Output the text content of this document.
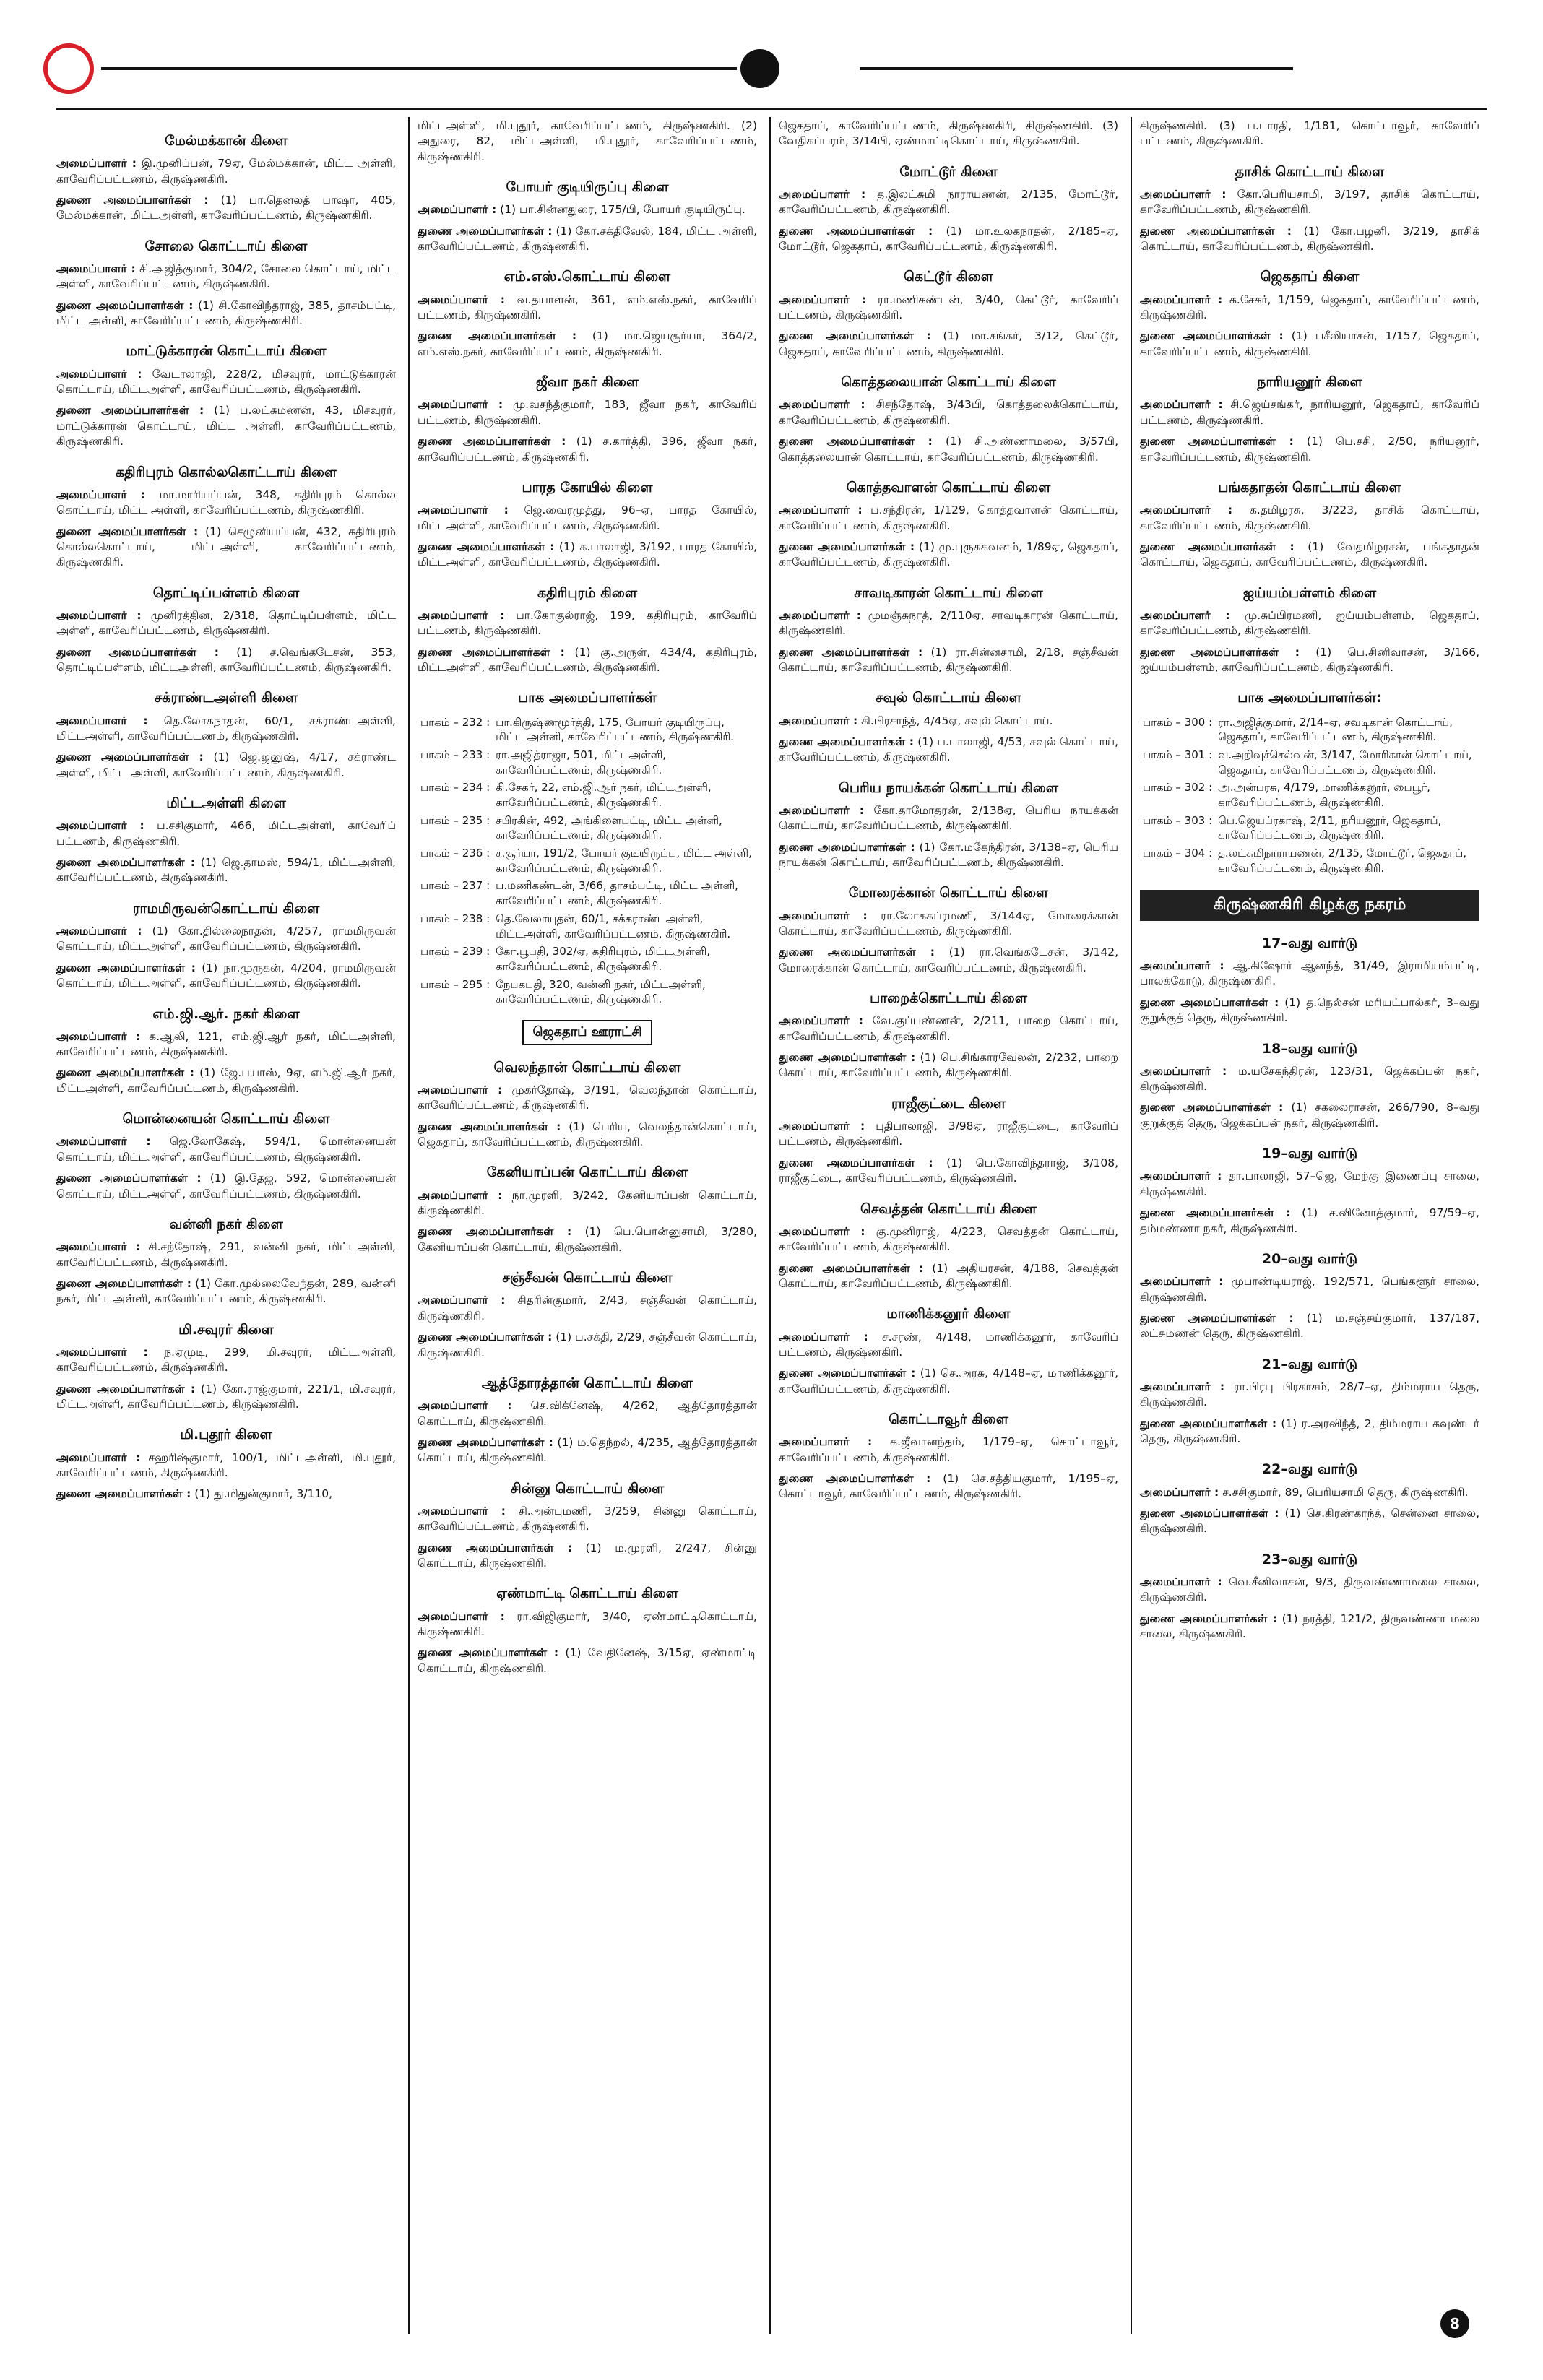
மேல்மக்கான் கிளை

அமைப்பாளர் : இ.முனிப்பன், 79ஏ, மேல்மக்கான், மிட்ட அள்ளி, காவேரிப்பட்டணம், கிருஷ்ணகிரி.

துணை அமைப்பாளர்கள் : (1) பா.தெனலத் பாஷா, 405, மேல்மக்கான், மிட்டஅள்ளி, காவேரிப்பட்டணம், கிருஷ்ணகிரி.

சோலை கொட்டாய் கிளை

அமைப்பாளர் : சி.அஜித்குமார், 304/2, சோலை கொட்டாய், மிட்ட அள்ளி, காவேரிப்பட்டணம், கிருஷ்ணகிரி.

துணை அமைப்பாளர்கள் : (1) சி.கோவிந்தராஜ், 385, தாசம்பட்டி, மிட்ட அள்ளி, காவேரிப்பட்டணம், கிருஷ்ணகிரி.

மாட்டுக்காரன் கொட்டாய் கிளை

அமைப்பாளர் : வேடாலாஜி, 228/2, மிசவுரர், மாட்டுக்காரன் கொட்டாய், மிட்டஅள்ளி, காவேரிப்பட்டணம், கிருஷ்ணகிரி.

துணை அமைப்பாளர்கள் : (1) ப.லட்சுமணன், 43, மிசவுரர், மாட்டுக்காரன் கொட்டாய், மிட்ட அள்ளி, காவேரிப்பட்டணம், கிருஷ்ணகிரி.

கதிரிபுரம் கொல்லகொட்டாய் கிளை

அமைப்பாளர் : மா.மாரியப்பன், 348, கதிரிபுரம் கொல்ல கொட்டாய், மிட்ட அள்ளி, காவேரிப்பட்டணம், கிருஷ்ணகிரி.

துணை அமைப்பாளர்கள் : (1) செழுனியப்பன், 432, கதிரிபுரம் கொல்லகொட்டாய், மிட்டஅள்ளி, காவேரிப்பட்டணம், கிருஷ்ணகிரி.

தொட்டிப்பள்ளம் கிளை

அமைப்பாளர் : முனிரத்தின, 2/318, தொட்டிப்பள்ளம், மிட்ட அள்ளி, காவேரிப்பட்டணம், கிருஷ்ணகிரி.

துணை அமைப்பாளர்கள் : (1) ச.வெங்கடேசன், 353, தொட்டிப்பள்ளம், மிட்டஅள்ளி, காவேரிப்பட்டணம், கிருஷ்ணகிரி.

சக்ராண்டஅள்ளி கிளை

அமைப்பாளர் : தெ.லோகநாதன், 60/1, சக்ராண்டஅள்ளி, மிட்டஅள்ளி, காவேரிப்பட்டணம், கிருஷ்ணகிரி.

துணை அமைப்பாளர்கள் : (1) ஜெ.ஜனுஷ், 4/17, சக்ராண்ட அள்ளி, மிட்ட அள்ளி, காவேரிப்பட்டணம், கிருஷ்ணகிரி.

மிட்டஅள்ளி கிளை

அமைப்பாளர் : ப.சசிகுமார், 466, மிட்டஅள்ளி, காவேரிப் பட்டணம், கிருஷ்ணகிரி.

துணை அமைப்பாளர்கள் : (1) ஜெ.தாமஸ், 594/1, மிட்டஅள்ளி, காவேரிப்பட்டணம், கிருஷ்ணகிரி.

ராமமிருவன்கொட்டாய் கிளை

அமைப்பாளர் : (1) கோ.தில்லைநாதன், 4/257, ராமமிருவன் கொட்டாய், மிட்டஅள்ளி, காவேரிப்பட்டணம், கிருஷ்ணகிரி.

துணை அமைப்பாளர்கள் : (1) நா.முருகன், 4/204, ராமமிருவன் கொட்டாய், மிட்டஅள்ளி, காவேரிப்பட்டணம், கிருஷ்ணகிரி.

எம்.ஜி.ஆர். நகர் கிளை

அமைப்பாளர் : க.ஆலி, 121, எம்.ஜி.ஆர் நகர், மிட்டஅள்ளி, காவேரிப்பட்டணம், கிருஷ்ணகிரி.

துணை அமைப்பாளர்கள் : (1) ஜே.பயாஸ், 9ஏ, எம்.ஜி.ஆர் நகர், மிட்டஅள்ளி, காவேரிப்பட்டணம், கிருஷ்ணகிரி.

மொன்னையன் கொட்டாய் கிளை

அமைப்பாளர் : ஜெ.லோகேஷ், 594/1, மொன்னையன் கொட்டாய், மிட்டஅள்ளி, காவேரிப்பட்டணம், கிருஷ்ணகிரி.

துணை அமைப்பாளர்கள் : (1) இ.தேஜ, 592, மொன்னையன் கொட்டாய், மிட்டஅள்ளி, காவேரிப்பட்டணம், கிருஷ்ணகிரி.

வன்னி நகர் கிளை

அமைப்பாளர் : சி.சந்தோஷ், 291, வன்னி நகர், மிட்டஅள்ளி, காவேரிப்பட்டணம், கிருஷ்ணகிரி.

துணை அமைப்பாளர்கள் : (1) கோ.முல்லைவேந்தன், 289, வன்னி நகர், மிட்டஅள்ளி, காவேரிப்பட்டணம், கிருஷ்ணகிரி.

மி.சவுரர் கிளை

அமைப்பாளர் : ந.ஏமுடி, 299, மி.சவுரர், மிட்டஅள்ளி, காவேரிப்பட்டணம், கிருஷ்ணகிரி.

துணை அமைப்பாளர்கள் : (1) கோ.ராஜ்குமார், 221/1, மி.சவுரர், மிட்டஅள்ளி, காவேரிப்பட்டணம், கிருஷ்ணகிரி.

மி.புதூர் கிளை

அமைப்பாளர் : சஹரிஷ்குமார், 100/1, மிட்டஅள்ளி, மி.புதூர், காவேரிப்பட்டணம், கிருஷ்ணகிரி.

துணை அமைப்பாளர்கள் : (1) து.மிதுன்குமார், 3/110,

மிட்டஅள்ளி, மி.புதூர், காவேரிப்பட்டணம், கிருஷ்ணகிரி. (2) அதுரை, 82, மிட்டஅள்ளி, மி.புதூர், காவேரிப்பட்டணம், கிருஷ்ணகிரி.

போயர் குடியிருப்பு கிளை

அமைப்பாளர் : (1) பா.சின்னதுரை, 175/பி, போயர் குடியிருப்பு.

துணை அமைப்பாளர்கள் : (1) கோ.சக்திவேல், 184, மிட்ட அள்ளி, காவேரிப்பட்டணம், கிருஷ்ணகிரி.

எம்.எஸ்.கொட்டாய் கிளை

அமைப்பாளர் : வ.தயாளன், 361, எம்.எஸ்.நகர், காவேரிப் பட்டணம், கிருஷ்ணகிரி.

துணை அமைப்பாளர்கள் : (1) மா.ஜெயசூர்யா, 364/2, எம்.எஸ்.நகர், காவேரிப்பட்டணம், கிருஷ்ணகிரி.

ஜீவா நகர் கிளை

அமைப்பாளர் : மு.வசந்த்குமார், 183, ஜீவா நகர், காவேரிப் பட்டணம், கிருஷ்ணகிரி.

துணை அமைப்பாளர்கள் : (1) ச.கார்த்தி, 396, ஜீவா நகர், காவேரிப்பட்டணம், கிருஷ்ணகிரி.

பாரத கோயில் கிளை

அமைப்பாளர் : ஜெ.வைரமுத்து, 96–ஏ, பாரத கோயில், மிட்டஅள்ளி, காவேரிப்பட்டணம், கிருஷ்ணகிரி.

துணை அமைப்பாளர்கள் : (1) க.பாலாஜி, 3/192, பாரத கோயில், மிட்டஅள்ளி, காவேரிப்பட்டணம், கிருஷ்ணகிரி.

கதிரிபுரம் கிளை

அமைப்பாளர் : பா.கோகுல்ராஜ், 199, கதிரிபுரம், காவேரிப் பட்டணம், கிருஷ்ணகிரி.

துணை அமைப்பாளர்கள் : (1) கு.அருள், 434/4, கதிரிபுரம், மிட்டஅள்ளி, காவேரிப்பட்டணம், கிருஷ்ணகிரி.

பாக அமைப்பாளர்கள்
பாகம் – 232 :	பா.கிருஷ்ணமூர்த்தி, 175, போயர் குடியிருப்பு, மிட்ட அள்ளி, காவேரிப்பட்டணம், கிருஷ்ணகிரி.
பாகம் – 233 :	ரா.அஜித்ராஜா, 501, மிட்டஅள்ளி, காவேரிப்பட்டணம், கிருஷ்ணகிரி.
பாகம் – 234 :	கி.சேகர், 22, எம்.ஜி.ஆர் நகர், மிட்டஅள்ளி, காவேரிப்பட்டணம், கிருஷ்ணகிரி.
பாகம் – 235 :	சபிரகின், 492, அங்கிளைபட்டி, மிட்ட அள்ளி, காவேரிப்பட்டணம், கிருஷ்ணகிரி.
பாகம் – 236 :	ச.சூர்யா, 191/2, போயர் குடியிருப்பு, மிட்ட அள்ளி, காவேரிப்பட்டணம், கிருஷ்ணகிரி.
பாகம் – 237 :	ப.மணிகண்டன், 3/66, தாசம்பட்டி, மிட்ட அள்ளி, காவேரிப்பட்டணம், கிருஷ்ணகிரி.
பாகம் – 238 :	தெ.வேலாயுதன், 60/1, சக்கராண்டஅள்ளி, மிட்டஅள்ளி, காவேரிப்பட்டணம், கிருஷ்ணகிரி.
பாகம் – 239 :	கோ.பூபதி, 302/ஏ, கதிரிபுரம், மிட்டஅள்ளி, காவேரிப்பட்டணம், கிருஷ்ணகிரி.
பாகம் – 295 :	நேபகபதி, 320, வன்னி நகர், மிட்டஅள்ளி, காவேரிப்பட்டணம், கிருஷ்ணகிரி.
ஜெகதாப் ஊராட்சி
வெலந்தான் கொட்டாய் கிளை

அமைப்பாளர் : முகர்தோஷ், 3/191, வெலந்தான் கொட்டாய், காவேரிப்பட்டணம், கிருஷ்ணகிரி.

துணை அமைப்பாளர்கள் : (1) பெரிய, வெலந்தான்கொட்டாய், ஜெகதாப், காவேரிப்பட்டணம், கிருஷ்ணகிரி.

கேனியாப்பன் கொட்டாய் கிளை

அமைப்பாளர் : நா.முரளி, 3/242, கேனியாப்பன் கொட்டாய், கிருஷ்ணகிரி.

துணை அமைப்பாளர்கள் : (1) பெ.பொன்னுசாமி, 3/280, கேனியாப்பன் கொட்டாய், கிருஷ்ணகிரி.

சஞ்சீவன் கொட்டாய் கிளை

அமைப்பாளர் : சிதரின்குமார், 2/43, சஞ்சீவன் கொட்டாய், கிருஷ்ணகிரி.

துணை அமைப்பாளர்கள் : (1) ப.சக்தி, 2/29, சஞ்சீவன் கொட்டாய், கிருஷ்ணகிரி.

ஆத்தோரத்தான் கொட்டாய் கிளை

அமைப்பாளர் : செ.விக்னேஷ், 4/262, ஆத்தோரத்தான் கொட்டாய், கிருஷ்ணகிரி.

துணை அமைப்பாளர்கள் : (1) ம.தெந்றல், 4/235, ஆத்தோரத்தான் கொட்டாய், கிருஷ்ணகிரி.

சின்னு கொட்டாய் கிளை

அமைப்பாளர் : சி.அன்புமணி, 3/259, சின்னு கொட்டாய், காவேரிப்பட்டணம், கிருஷ்ணகிரி.

துணை அமைப்பாளர்கள் : (1) ம.முரளி, 2/247, சின்னு கொட்டாய், கிருஷ்ணகிரி.

ஏண்மாட்டி கொட்டாய் கிளை

அமைப்பாளர் : ரா.விஜிகுமார், 3/40, ஏண்மாட்டிகொட்டாய், கிருஷ்ணகிரி.

துணை அமைப்பாளர்கள் : (1) வேதினேஷ், 3/15ஏ, ஏண்மாட்டி கொட்டாய், கிருஷ்ணகிரி.

ஜெகதாப், காவேரிப்பட்டணம், கிருஷ்ணகிரி, கிருஷ்ணகிரி. (3) வேதிகப்பரம், 3/14பி, ஏண்மாட்டிகொட்டாய், கிருஷ்ணகிரி.

மோட்டூர் கிளை

அமைப்பாளர் : த.இலட்சுமி நாராயணன், 2/135, மோட்டூர், காவேரிப்பட்டணம், கிருஷ்ணகிரி.

துணை அமைப்பாளர்கள் : (1) மா.உலகநாதன், 2/185–ஏ, மோட்டூர், ஜெகதாப், காவேரிப்பட்டணம், கிருஷ்ணகிரி.

கெட்டூர் கிளை

அமைப்பாளர் : ரா.மணிகண்டன், 3/40, கெட்டூர், காவேரிப் பட்டணம், கிருஷ்ணகிரி.

துணை அமைப்பாளர்கள் : (1) மா.சங்கர், 3/12, கெட்டூர், ஜெகதாப், காவேரிப்பட்டணம், கிருஷ்ணகிரி.

கொத்தலையான் கொட்டாய் கிளை

அமைப்பாளர் : சிசந்தோஷ், 3/43பி, கொத்தலைக்கொட்டாய், காவேரிப்பட்டணம், கிருஷ்ணகிரி.

துணை அமைப்பாளர்கள் : (1) சி.அண்ணாமலை, 3/57பி, கொத்தலையான் கொட்டாய், காவேரிப்பட்டணம், கிருஷ்ணகிரி.

கொத்தவாளன் கொட்டாய் கிளை

அமைப்பாளர் : ப.சந்திரன், 1/129, கொத்தவாளன் கொட்டாய், காவேரிப்பட்டணம், கிருஷ்ணகிரி.

துணை அமைப்பாளர்கள் : (1) மு.புருசுகவனம், 1/89ஏ, ஜெகதாப், காவேரிப்பட்டணம், கிருஷ்ணகிரி.

சாவடிகாரன் கொட்டாய் கிளை

அமைப்பாளர் : முமஞ்சுநாத், 2/110ஏ, சாவடிகாரன் கொட்டாய், கிருஷ்ணகிரி.

துணை அமைப்பாளர்கள் : (1) ரா.சின்னசாமி, 2/18, சஞ்சீவன் கொட்டாய், காவேரிப்பட்டணம், கிருஷ்ணகிரி.

சவுல் கொட்டாய் கிளை

அமைப்பாளர் : கி.பிரசாந்த், 4/45ஏ, சவுல் கொட்டாய்.

துணை அமைப்பாளர்கள் : (1) ப.பாலாஜி, 4/53, சவுல் கொட்டாய், காவேரிப்பட்டணம், கிருஷ்ணகிரி.

பெரிய நாயக்கன் கொட்டாய் கிளை

அமைப்பாளர் : கோ.தாமோதரன், 2/138ஏ, பெரிய நாயக்கன் கொட்டாய், காவேரிப்பட்டணம், கிருஷ்ணகிரி.

துணை அமைப்பாளர்கள் : (1) கோ.மகேந்திரன், 3/138–ஏ, பெரிய நாயக்கன் கொட்டாய், காவேரிப்பட்டணம், கிருஷ்ணகிரி.

மோரைக்கான் கொட்டாய் கிளை

அமைப்பாளர் : ரா.லோகசுப்ரமணி, 3/144ஏ, மோரைக்கான் கொட்டாய், காவேரிப்பட்டணம், கிருஷ்ணகிரி.

துணை அமைப்பாளர்கள் : (1) ரா.வெங்கடேசன், 3/142, மோரைக்கான் கொட்டாய், காவேரிப்பட்டணம், கிருஷ்ணகிரி.

பாறைக்கொட்டாய் கிளை

அமைப்பாளர் : வே.குப்பண்ணன், 2/211, பாறை கொட்டாய், காவேரிப்பட்டணம், கிருஷ்ணகிரி.

துணை அமைப்பாளர்கள் : (1) பெ.சிங்காரவேலன், 2/232, பாறை கொட்டாய், காவேரிப்பட்டணம், கிருஷ்ணகிரி.

ராஜீகுட்டை கிளை

அமைப்பாளர் : புதிபாலாஜி, 3/98ஏ, ராஜீகுட்டை, காவேரிப் பட்டணம், கிருஷ்ணகிரி.

துணை அமைப்பாளர்கள் : (1) பெ.கோவிந்தராஜ், 3/108, ராஜீகுட்டை, காவேரிப்பட்டணம், கிருஷ்ணகிரி.

செவத்தன் கொட்டாய் கிளை

அமைப்பாளர் : கு.முனிராஜ், 4/223, செவத்தன் கொட்டாய், காவேரிப்பட்டணம், கிருஷ்ணகிரி.

துணை அமைப்பாளர்கள் : (1) அதியரசன், 4/188, செவத்தன் கொட்டாய், காவேரிப்பட்டணம், கிருஷ்ணகிரி.

மாணிக்கனூர் கிளை

அமைப்பாளர் : ச.சரண், 4/148, மாணிக்கனூர், காவேரிப் பட்டணம், கிருஷ்ணகிரி.

துணை அமைப்பாளர்கள் : (1) செ.அரசு, 4/148–ஏ, மாணிக்கனூர், காவேரிப்பட்டணம், கிருஷ்ணகிரி.

கொட்டாவூர் கிளை

அமைப்பாளர் : க.ஜீவானந்தம், 1/179–ஏ, கொட்டாவூர், காவேரிப்பட்டணம், கிருஷ்ணகிரி.

துணை அமைப்பாளர்கள் : (1) செ.சத்தியகுமார், 1/195–ஏ, கொட்டாவூர், காவேரிப்பட்டணம், கிருஷ்ணகிரி.

கிருஷ்ணகிரி. (3) ப.பாரதி, 1/181, கொட்டாவூர், காவேரிப் பட்டணம், கிருஷ்ணகிரி.

தாசிக் கொட்டாய் கிளை

அமைப்பாளர் : கோ.பெரியசாமி, 3/197, தாசிக் கொட்டாய், காவேரிப்பட்டணம், கிருஷ்ணகிரி.

துணை அமைப்பாளர்கள் : (1) கோ.பழனி, 3/219, தாசிக் கொட்டாய், காவேரிப்பட்டணம், கிருஷ்ணகிரி.

ஜெகதாப் கிளை

அமைப்பாளர் : க.சேகர், 1/159, ஜெகதாப், காவேரிப்பட்டணம், கிருஷ்ணகிரி.

துணை அமைப்பாளர்கள் : (1) பசீலியாசன், 1/157, ஜெகதாப், காவேரிப்பட்டணம், கிருஷ்ணகிரி.

நாரியனூர் கிளை

அமைப்பாளர் : சி.ஜெய்சங்கர், நாரியனூர், ஜெகதாப், காவேரிப் பட்டணம், கிருஷ்ணகிரி.

துணை அமைப்பாளர்கள் : (1) பெ.சசி, 2/50, நரியனூர், காவேரிப்பட்டணம், கிருஷ்ணகிரி.

பங்கதாதன் கொட்டாய் கிளை

அமைப்பாளர் : க.தமிழரசு, 3/223, தாசிக் கொட்டாய், காவேரிப்பட்டணம், கிருஷ்ணகிரி.

துணை அமைப்பாளர்கள் : (1) வேதமிழரசன், பங்கதாதன் கொட்டாய், ஜெகதாப், காவேரிப்பட்டணம், கிருஷ்ணகிரி.

ஐய்யம்பள்ளம் கிளை

அமைப்பாளர் : மு.சுப்பிரமணி, ஐய்யம்பள்ளம், ஜெகதாப், காவேரிப்பட்டணம், கிருஷ்ணகிரி.

துணை அமைப்பாளர்கள் : (1) பெ.சினிவாசன், 3/166, ஐய்யம்பள்ளம், காவேரிப்பட்டணம், கிருஷ்ணகிரி.

பாக அமைப்பாளர்கள்:
பாகம் – 300 :	ரா.அஜித்குமார், 2/14–ஏ, சவடிகான் கொட்டாய், ஜெகதாப், காவேரிப்பட்டணம், கிருஷ்ணகிரி.
பாகம் – 301 :	வ.அறிவுச்செல்வன், 3/147, மோரிகான் கொட்டாய், ஜெகதாப், காவேரிப்பட்டணம், கிருஷ்ணகிரி.
பாகம் – 302 :	அ.அன்பரசு, 4/179, மாணிக்கனூர், பைபூர், காவேரிப்பட்டணம், கிருஷ்ணகிரி.
பாகம் – 303 :	பெ.ஜெயப்ரகாஷ், 2/11, நரியனூர், ஜெகதாப், காவேரிப்பட்டணம், கிருஷ்ணகிரி.
பாகம் – 304 :	த.லட்சுமிநாராயணன், 2/135, மோட்டூர், ஜெகதாப், காவேரிப்பட்டணம், கிருஷ்ணகிரி.
கிருஷ்ணகிரி கிழக்கு நகரம்
17–வது வார்டு

அமைப்பாளர் : ஆ.கிஷோர் ஆனந்த், 31/49, இராமியம்பட்டி, பாலக்கோடு, கிருஷ்ணகிரி.

துணை அமைப்பாளர்கள் : (1) த.நெல்சன் மரியட்பால்கர், 3–வது குறுக்குத் தெரு, கிருஷ்ணகிரி.

18–வது வார்டு

அமைப்பாளர் : ம.யசேகந்திரன், 123/31, ஜெக்கப்பன் நகர், கிருஷ்ணகிரி.

துணை அமைப்பாளர்கள் : (1) சகலைராசன், 266/790, 8–வது குறுக்குத் தெரு, ஜெக்கப்பன் நகர், கிருஷ்ணகிரி.

19–வது வார்டு

அமைப்பாளர் : தா.பாலாஜி, 57–ஜெ, மேற்கு இணைப்பு சாலை, கிருஷ்ணகிரி.

துணை அமைப்பாளர்கள் : (1) ச.வினோத்குமார், 97/59–ஏ, தம்மண்ணா நகர், கிருஷ்ணகிரி.

20–வது வார்டு

அமைப்பாளர் : முபாண்டியராஜ், 192/571, பெங்களூர் சாலை, கிருஷ்ணகிரி.

துணை அமைப்பாளர்கள் : (1) ம.சஞ்சய்குமார், 137/187, லட்சுமணன் தெரு, கிருஷ்ணகிரி.

21–வது வார்டு

அமைப்பாளர் : ரா.பிரபு பிரகாசம், 28/7–ஏ, திம்மராய தெரு, கிருஷ்ணகிரி.

துணை அமைப்பாளர்கள் : (1) ர.அரவிந்த், 2, திம்மராய கவுண்டர் தெரு, கிருஷ்ணகிரி.

22–வது வார்டு

அமைப்பாளர் : ச.சசிகுமார், 89, பெரியசாமி தெரு, கிருஷ்ணகிரி.

துணை அமைப்பாளர்கள் : (1) செ.கிரண்காந்த், சென்னை சாலை, கிருஷ்ணகிரி.

23–வது வார்டு

அமைப்பாளர் : வெ.சீனிவாசன், 9/3, திருவண்ணாமலை சாலை, கிருஷ்ணகிரி.

துணை அமைப்பாளர்கள் : (1) நரத்தி, 121/2, திருவண்ணா மலை சாலை, கிருஷ்ணகிரி.

8
